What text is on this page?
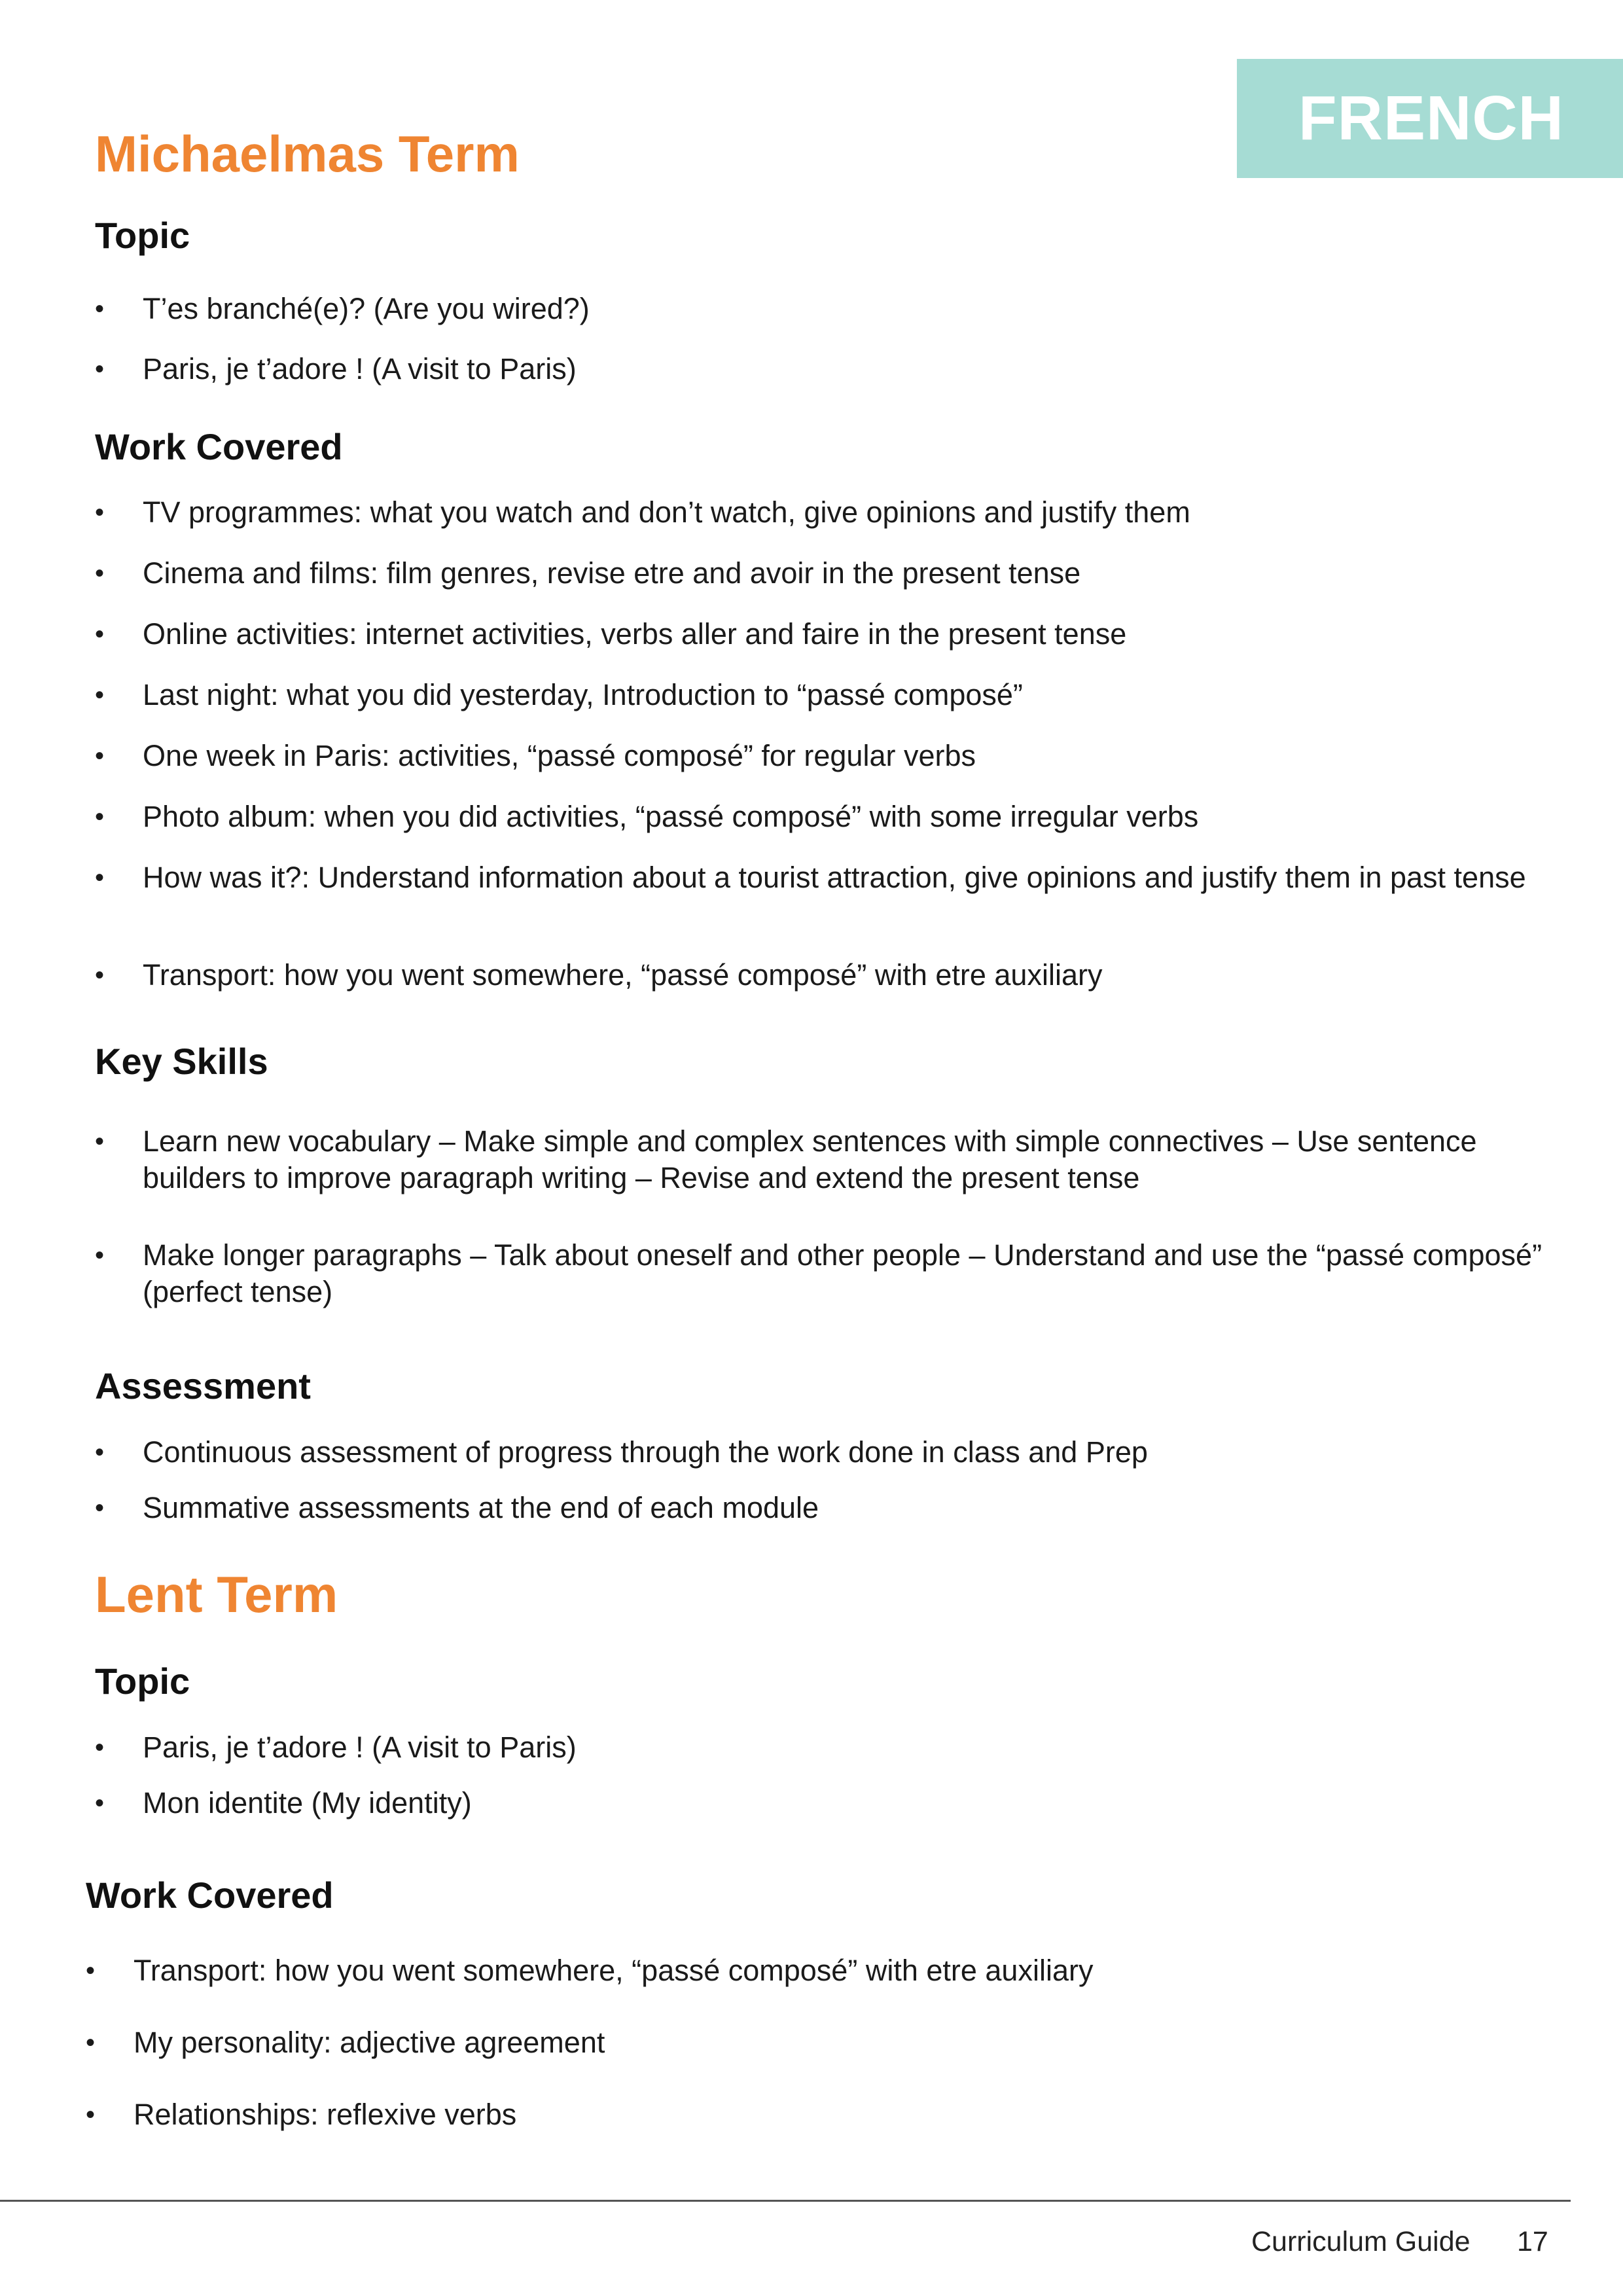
FRENCH
Michaelmas Term
Topic
• T’es branché(e)? (Are you wired?)
• Paris, je t’adore ! (A visit to Paris)
Work Covered
• TV programmes: what you watch and don’t watch, give opinions and justify them
• Cinema and films: film genres, revise etre and avoir in the present tense
• Online activities: internet activities, verbs aller and faire in the present tense
• Last night: what you did yesterday, Introduction to “passé composé”
• One week in Paris: activities, “passé composé” for regular verbs
• Photo album: when you did activities, “passé composé” with some irregular verbs
• How was it?: Understand information about a tourist attraction, give opinions and justify them in past tense
• Transport: how you went somewhere, “passé composé” with etre auxiliary
Key Skills
• Learn new vocabulary – Make simple and complex sentences with simple connectives – Use sentence builders to improve paragraph writing – Revise and extend the present tense
• Make longer paragraphs – Talk about oneself and other people – Understand and use the “passé composé” (perfect tense)
Assessment
• Continuous assessment of progress through the work done in class and Prep
• Summative assessments at the end of each module
Lent Term
Topic
• Paris, je t’adore ! (A visit to Paris)
• Mon identite (My identity)
Work Covered
• Transport: how you went somewhere, “passé composé” with etre auxiliary
• My personality: adjective agreement
• Relationships: reflexive verbs
Curriculum Guide 17
